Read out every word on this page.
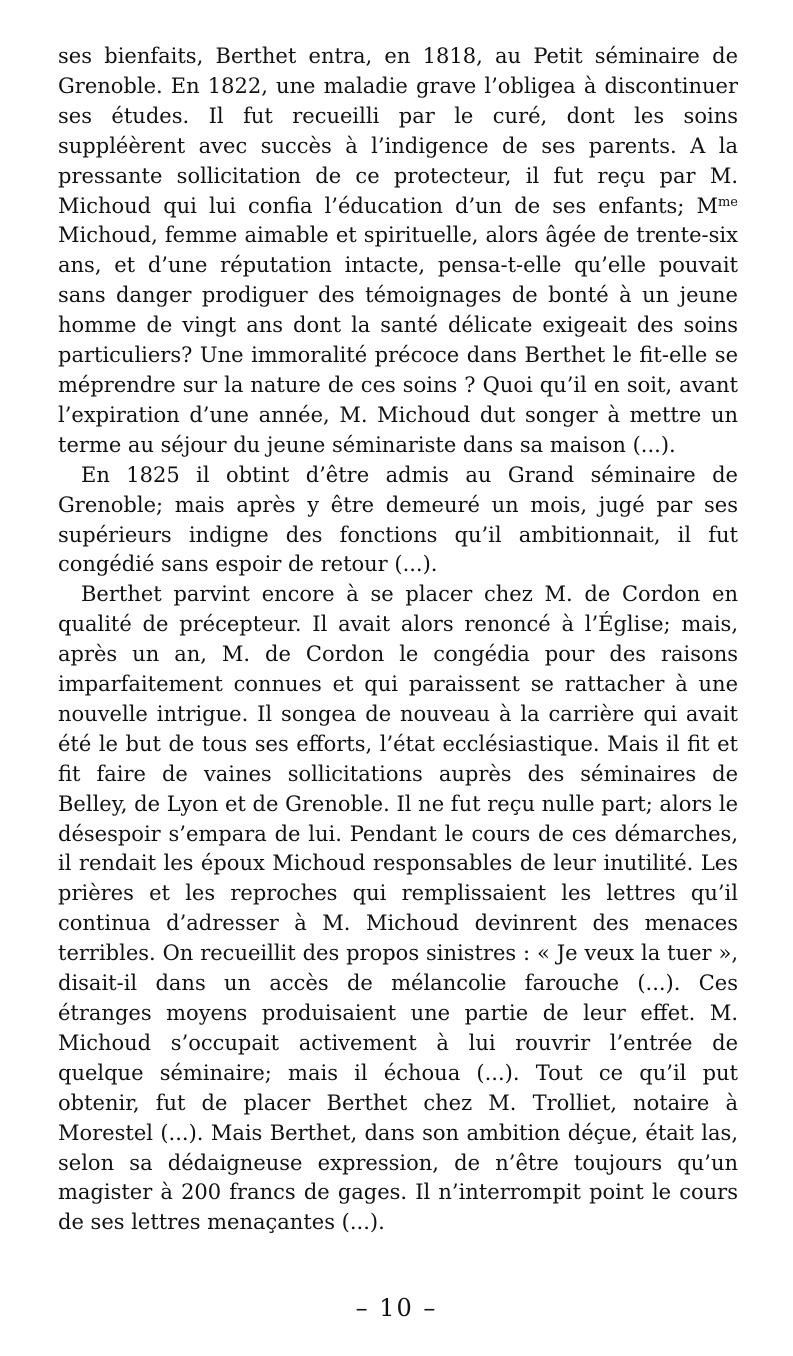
ses bienfaits, Berthet entra, en 1818, au Petit séminaire de Grenoble. En 1822, une maladie grave l’obligea à discontinuer ses études. Il fut recueilli par le curé, dont les soins suppléèrent avec succès à l’indigence de ses parents. A la pressante sollicitation de ce protecteur, il fut reçu par M. Michoud qui lui confia l’éducation d’un de ses enfants; $M^{me}$ Michoud, femme aimable et spirituelle, alors âgée de trente-six ans, et d’une réputation intacte, pensa-t-elle qu’elle pouvait sans danger prodiguer des témoignages de bonté à un jeune homme de vingt ans dont la santé délicate exigeait des soins particuliers? Une immoralité précoce dans Berthet le fit-elle se méprendre sur la nature de ces soins ? Quoi qu’il en soit, avant l’expiration d’une année, M. Michoud dut songer à mettre un terme au séjour du jeune séminariste dans sa maison (...).

En 1825 il obtint d’être admis au Grand séminaire de Grenoble; mais après y être demeuré un mois, jugé par ses supérieurs indigne des fonctions qu’il ambitionnait, il fut congédié sans espoir de retour (...).

Berthet parvint encore à se placer chez M. de Cordon en qualité de précepteur. Il avait alors renoncé à l’Église; mais, après un an, M. de Cordon le congédia pour des raisons imparfaitement connues et qui paraissent se rattacher à une nouvelle intrigue. Il songea de nouveau à la carrière qui avait été le but de tous ses efforts, l’état ecclésiastique. Mais il fit et fit faire de vaines sollicitations auprès des séminaires de Belley, de Lyon et de Grenoble. Il ne fut reçu nulle part; alors le désespoir s’empara de lui. Pendant le cours de ces démarches, il rendait les époux Michoud responsables de leur inutilité. Les prières et les reproches qui remplissaient les lettres qu’il continua d’adresser à M. Michoud devinrent des menaces terribles. On recueillit des propos sinistres : « Je veux la tuer », disait-il dans un accès de mélancolie farouche (...). Ces étranges moyens produisaient une partie de leur effet. M. Michoud s’occupait activement à lui rouvrir l’entrée de quelque séminaire; mais il échoua (...). Tout ce qu’il put obtenir, fut de placer Berthet chez M. Trolliet, notaire à Morestel (...). Mais Berthet, dans son ambition déçue, était las, selon sa dédaigneuse expression, de n’être toujours qu’un magister à 200 francs de gages. Il n’interrompit point le cours de ses lettres menaçantes (...).

– 10 –
